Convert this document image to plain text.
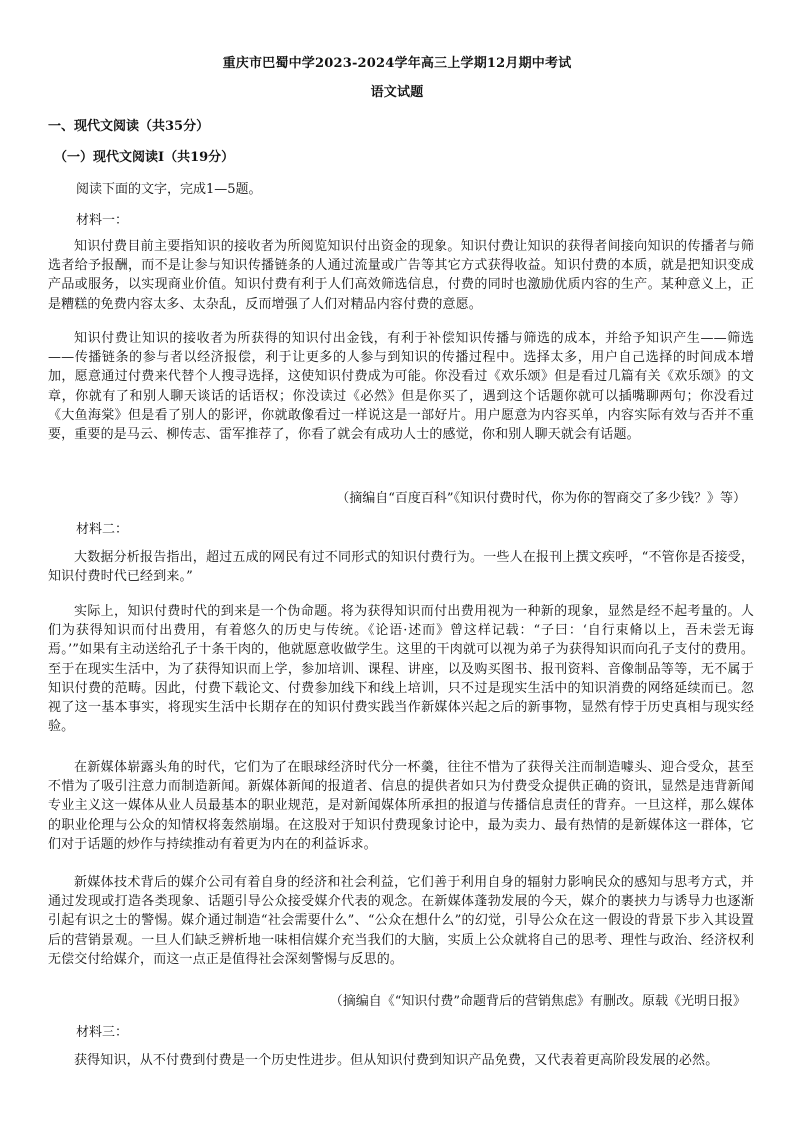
重庆市巴蜀中学2023-2024学年高三上学期12月期中考试
语文试题
一、现代文阅读（共35分）
（一）现代文阅读Ⅰ（共19分）
阅读下面的文字，完成1—5题。
材料一：
知识付费目前主要指知识的接收者为所阅览知识付出资金的现象。知识付费让知识的获得者间接向知识的传播者与筛选者给予报酬，而不是让参与知识传播链条的人通过流量或广告等其它方式获得收益。知识付费的本质，就是把知识变成产品或服务，以实现商业价值。知识付费有利于人们高效筛选信息，付费的同时也激励优质内容的生产。某种意义上，正是糟糕的免费内容太多、太杂乱，反而增强了人们对精品内容付费的意愿。
知识付费让知识的接收者为所获得的知识付出金钱，有利于补偿知识传播与筛选的成本，并给予知识产生——筛选——传播链条的参与者以经济报偿，利于让更多的人参与到知识的传播过程中。选择太多，用户自己选择的时间成本增加，愿意通过付费来代替个人搜寻选择，这使知识付费成为可能。你没看过《欢乐颂》但是看过几篇有关《欢乐颂》的文章，你就有了和别人聊天谈话的话语权；你没读过《必然》但是你买了，遇到这个话题你就可以插嘴聊两句；你没看过《大鱼海棠》但是看了别人的影评，你就敢像看过一样说这是一部好片。用户愿意为内容买单，内容实际有效与否并不重要，重要的是马云、柳传志、雷军推荐了，你看了就会有成功人士的感觉，你和别人聊天就会有话题。
（摘编自“百度百科”《知识付费时代，你为你的智商交了多少钱？》等）
材料二：
大数据分析报告指出，超过五成的网民有过不同形式的知识付费行为。一些人在报刊上撰文疾呼，“不管你是否接受，知识付费时代已经到来。”
实际上，知识付费时代的到来是一个伪命题。将为获得知识而付出费用视为一种新的现象，显然是经不起考量的。人们为获得知识而付出费用，有着悠久的历史与传统。《论语·述而》曾这样记载：“子曰：‘自行束脩以上，吾未尝无诲焉。’”如果有主动送给孔子十条干肉的，他就愿意收做学生。这里的干肉就可以视为弟子为获得知识而向孔子支付的费用。至于在现实生活中，为了获得知识而上学，参加培训、课程、讲座，以及购买图书、报刊资料、音像制品等等，无不属于知识付费的范畴。因此，付费下载论文、付费参加线下和线上培训，只不过是现实生活中的知识消费的网络延续而已。忽视了这一基本事实，将现实生活中长期存在的知识付费实践当作新媒体兴起之后的新事物，显然有悖于历史真相与现实经验。
在新媒体崭露头角的时代，它们为了在眼球经济时代分一杯羹，往往不惜为了获得关注而制造噱头、迎合受众，甚至不惜为了吸引注意力而制造新闻。新媒体新闻的报道者、信息的提供者如只为付费受众提供正确的资讯，显然是违背新闻专业主义这一媒体从业人员最基本的职业规范，是对新闻媒体所承担的报道与传播信息责任的背弃。一旦这样，那么媒体的职业伦理与公众的知情权将轰然崩塌。在这股对于知识付费现象讨论中，最为卖力、最有热情的是新媒体这一群体，它们对于话题的炒作与持续推动有着更为内在的利益诉求。
新媒体技术背后的媒介公司有着自身的经济和社会利益，它们善于利用自身的辐射力影响民众的感知与思考方式，并通过发现或打造各类现象、话题引导公众接受媒介代表的观念。在新媒体蓬勃发展的今天，媒介的裹挟力与诱导力也逐渐引起有识之士的警惕。媒介通过制造“社会需要什么”、“公众在想什么”的幻觉，引导公众在这一假设的背景下步入其设置后的营销景观。一旦人们缺乏辨析地一味相信媒介充当我们的大脑，实质上公众就将自己的思考、理性与政治、经济权利无偿交付给媒介，而这一点正是值得社会深刻警惕与反思的。
（摘编自《“知识付费”命题背后的营销焦虑》有删改。原载《光明日报》
材料三：
获得知识，从不付费到付费是一个历史性进步。但从知识付费到知识产品免费，又代表着更高阶段发展的必然。
